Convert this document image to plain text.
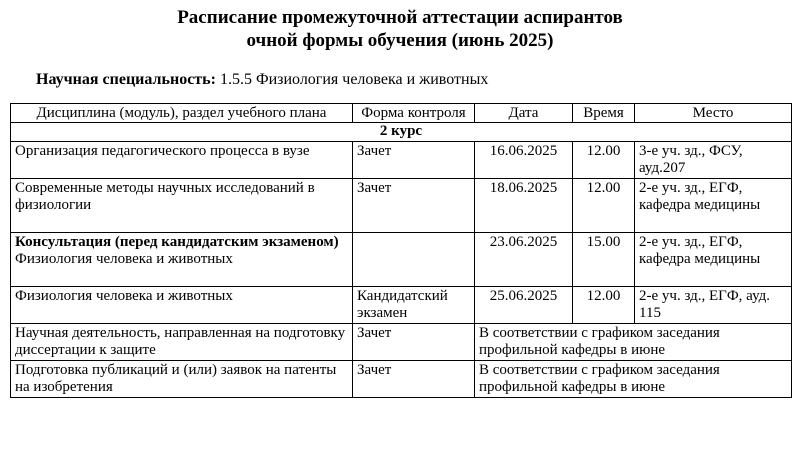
Расписание промежуточной аттестации аспирантов
очной формы обучения (июнь 2025)
Научная специальность: 1.5.5 Физиология человека и животных
Дисциплина (модуль), раздел учебного плана	Форма контроля	Дата	Время	Место
2 курс				
Организация педагогического процесса в вузе	Зачет	16.06.2025	12.00	3-е уч. зд., ФСУ, ауд.207
Современные методы научных исследований в физиологии	Зачет	18.06.2025	12.00	2-е уч. зд., ЕГФ, кафедра медицины

Консультация (перед кандидатским экзаменом)
Физиология человека и животных		23.06.2025	15.00	2-е уч. зд., ЕГФ, кафедра медицины
Физиология человека и животных	Кандидатский экзамен	25.06.2025	12.00	2-е уч. зд., ЕГФ, ауд. 115
Научная деятельность, направленная на подготовку диссертации к защите	Зачет	В соответствии с графиком заседания профильной кафедры в июне		
Подготовка публикаций и (или) заявок на патенты на изобретения	Зачет	В соответствии с графиком заседания профильной кафедры в июне		
